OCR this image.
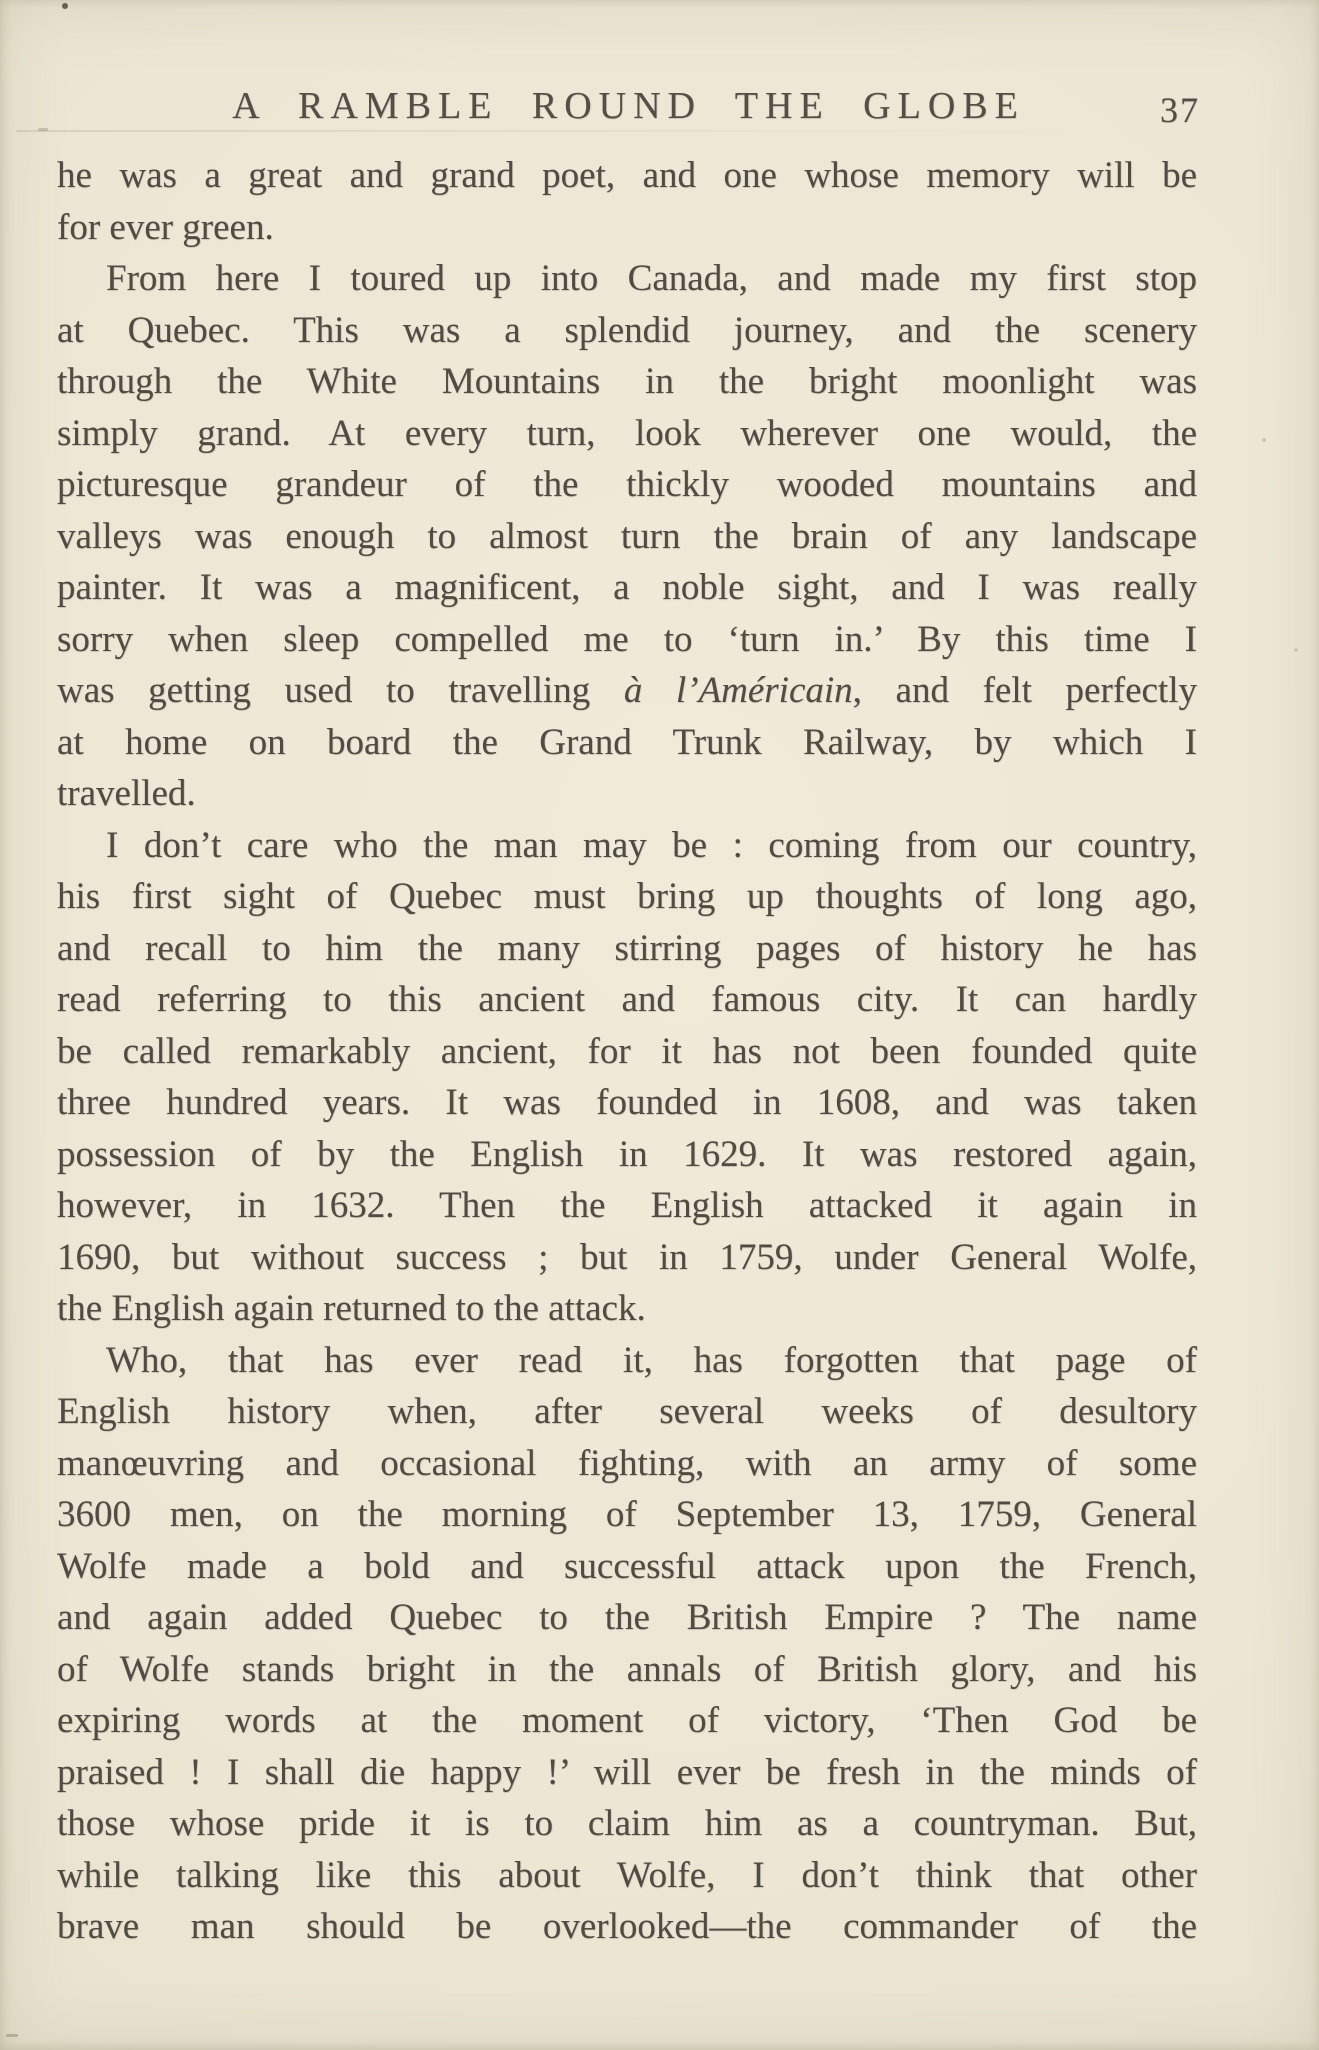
A RAMBLE ROUND THE GLOBE	37
he was a great and grand poet, and one whose memory will be
for ever green.
From here I toured up into Canada, and made my first stop
at Quebec. This was a splendid journey, and the scenery
through the White Mountains in the bright moonlight was
simply grand. At every turn, look wherever one would, the
picturesque grandeur of the thickly wooded mountains and
valleys was enough to almost turn the brain of any landscape
painter. It was a magnificent, a noble sight, and I was really
sorry when sleep compelled me to ‘turn in.’ By this time I
was getting used to travelling à l’Américain, and felt perfectly
at home on board the Grand Trunk Railway, by which I
travelled.
I don’t care who the man may be : coming from our country,
his first sight of Quebec must bring up thoughts of long ago,
and recall to him the many stirring pages of history he has
read referring to this ancient and famous city. It can hardly
be called remarkably ancient, for it has not been founded quite
three hundred years. It was founded in 1608, and was taken
possession of by the English in 1629. It was restored again,
however, in 1632. Then the English attacked it again in
1690, but without success ; but in 1759, under General Wolfe,
the English again returned to the attack.
Who, that has ever read it, has forgotten that page of
English history when, after several weeks of desultory
manœuvring and occasional fighting, with an army of some
3600 men, on the morning of September 13, 1759, General
Wolfe made a bold and successful attack upon the French,
and again added Quebec to the British Empire ? The name
of Wolfe stands bright in the annals of British glory, and his
expiring words at the moment of victory, ‘Then God be
praised ! I shall die happy !’ will ever be fresh in the minds of
those whose pride it is to claim him as a countryman. But,
while talking like this about Wolfe, I don’t think that other
brave man should be overlooked—the commander of the
